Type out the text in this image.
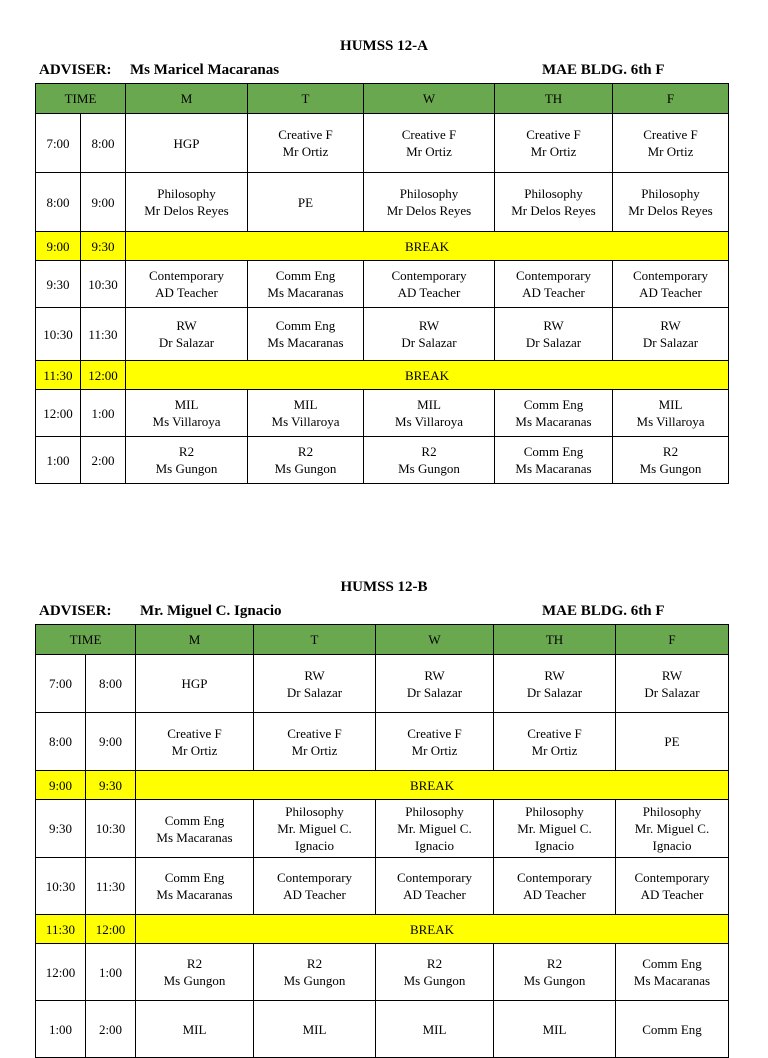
HUMSS 12-A
ADVISER: Ms Maricel Macaranas	MAE BLDG. 6th F
TIME		M	T	W	TH	F
7:00	8:00	HGP	Creative F
Mr Ortiz	Creative F
Mr Ortiz	Creative F
Mr Ortiz	Creative F
Mr Ortiz

8:00	9:00	Philosophy
Mr Delos Reyes	PE	Philosophy
Mr Delos Reyes	Philosophy
Mr Delos Reyes	Philosophy
Mr Delos Reyes

9:00	9:30	BREAK				
9:30	10:30	Contemporary
AD Teacher	Comm Eng
Ms Macaranas	Contemporary
AD Teacher	Contemporary
AD Teacher	Contemporary
AD Teacher

10:30	11:30	RW
Dr Salazar	Comm Eng
Ms Macaranas	RW
Dr Salazar	RW
Dr Salazar	RW
Dr Salazar

11:30	12:00	BREAK				
12:00	1:00	MIL
Ms Villaroya	MIL
Ms Villaroya	MIL
Ms Villaroya	Comm Eng
Ms Macaranas	MIL
Ms Villaroya

1:00	2:00	R2
Ms Gungon	R2
Ms Gungon	R2
Ms Gungon	Comm Eng
Ms Macaranas	R2
Ms Gungon
HUMSS 12-B
ADVISER: Mr. Miguel C. Ignacio	MAE BLDG. 6th F
TIME		M	T	W	TH	F
7:00	8:00	HGP	RW
Dr Salazar	RW
Dr Salazar	RW
Dr Salazar	RW
Dr Salazar

8:00	9:00	Creative F
Mr Ortiz	Creative F
Mr Ortiz	Creative F
Mr Ortiz	Creative F
Mr Ortiz	PE

9:00	9:30	BREAK				
9:30	10:30	Comm Eng
Ms Macaranas	Philosophy
Mr. Miguel C.
Ignacio	Philosophy
Mr. Miguel C.
Ignacio	Philosophy
Mr. Miguel C.
Ignacio	Philosophy
Mr. Miguel C.
Ignacio

10:30	11:30	Comm Eng
Ms Macaranas	Contemporary
AD Teacher	Contemporary
AD Teacher	Contemporary
AD Teacher	Contemporary
AD Teacher

11:30	12:00	BREAK				
12:00	1:00	R2
Ms Gungon	R2
Ms Gungon	R2
Ms Gungon	R2
Ms Gungon	Comm Eng
Ms Macaranas

1:00	2:00	MIL	MIL	MIL	MIL	Comm Eng
